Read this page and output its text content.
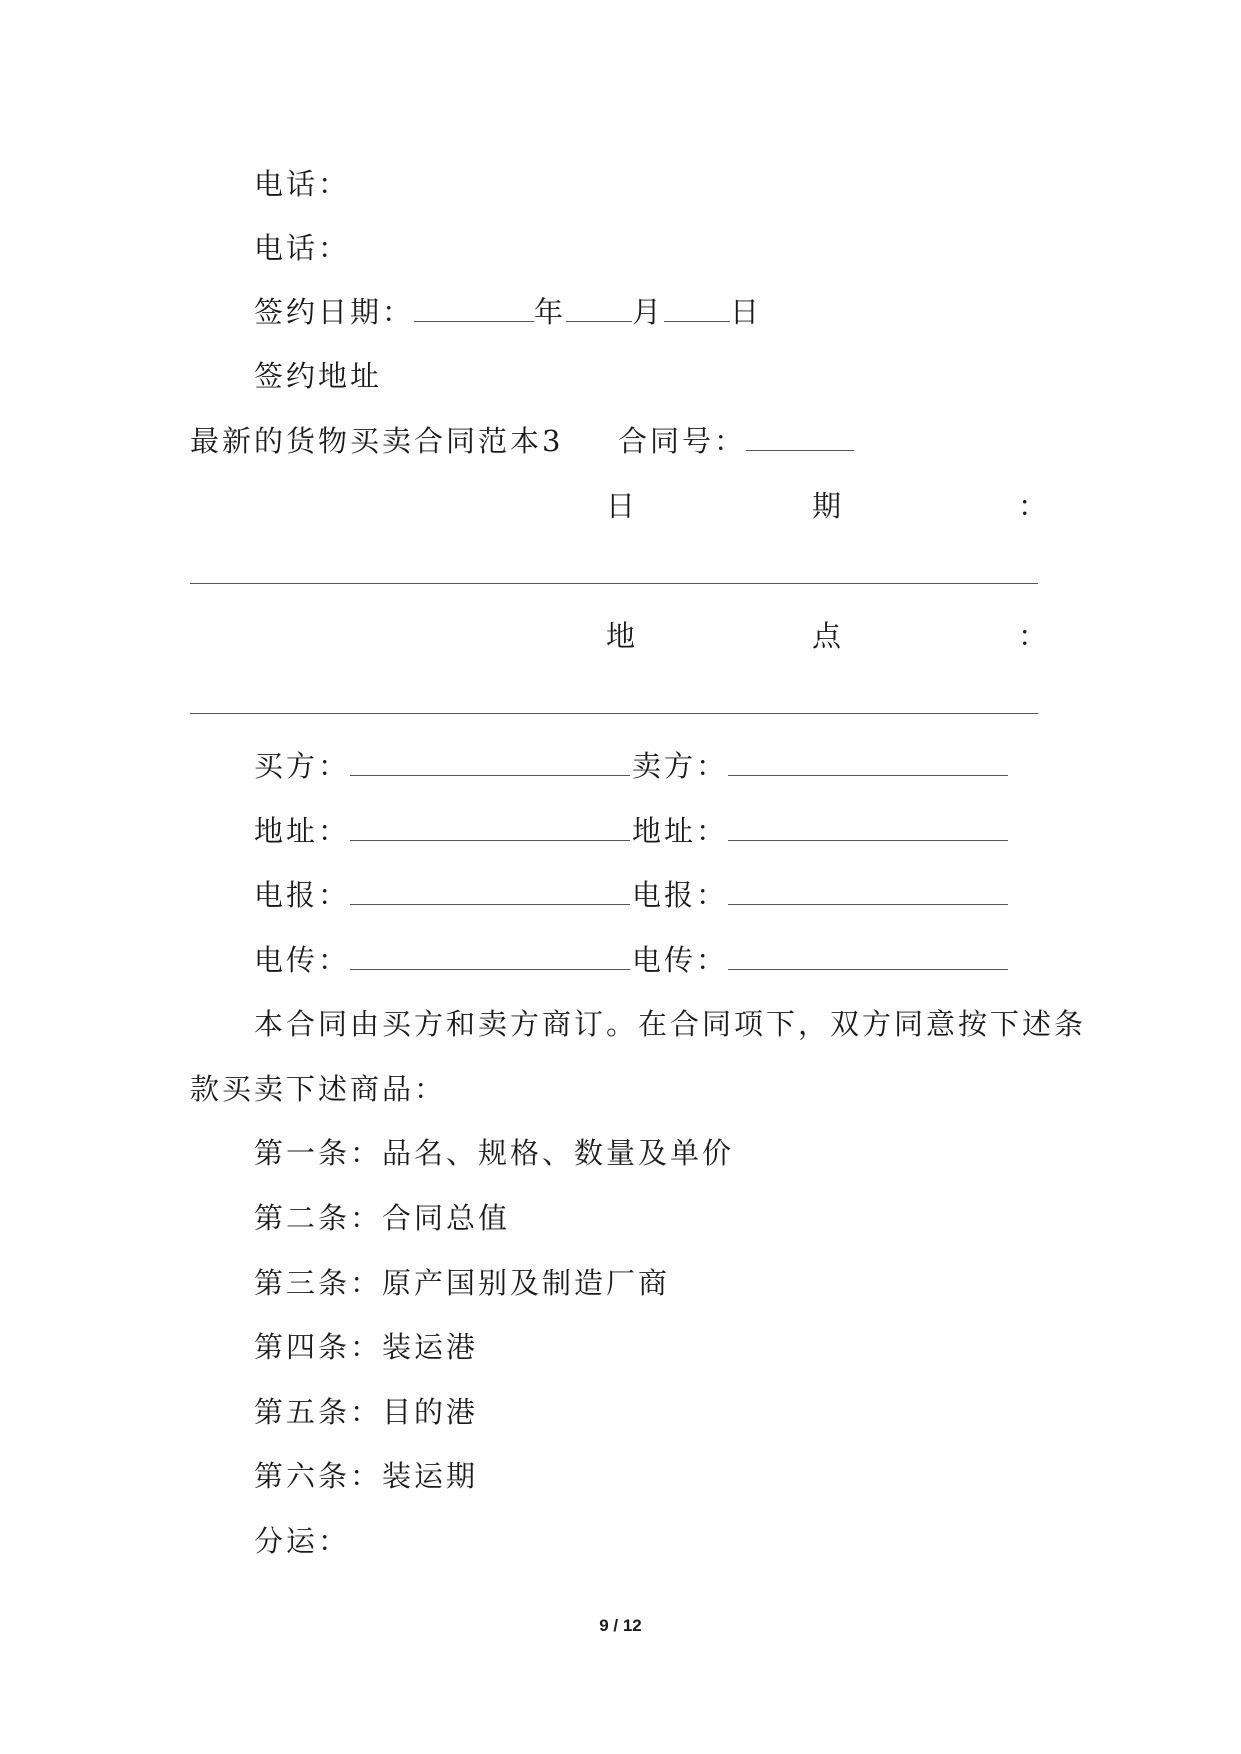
电话：
电话：
签约日期：	年 月 日
签约地址
最新的货物买卖合同范本3 合同号：
日	期	：
地	点	：
买方：	卖方：
地址：	地址：
电报：	电报：
电传：	电传：
本合同由买方和卖方商订。在合同项下，双方同意按下述条
款买卖下述商品：
第一条：品名、规格、数量及单价
第二条：合同总值
第三条：原产国别及制造厂商
第四条：装运港
第五条：目的港
第六条：装运期
分运：
9 / 12
